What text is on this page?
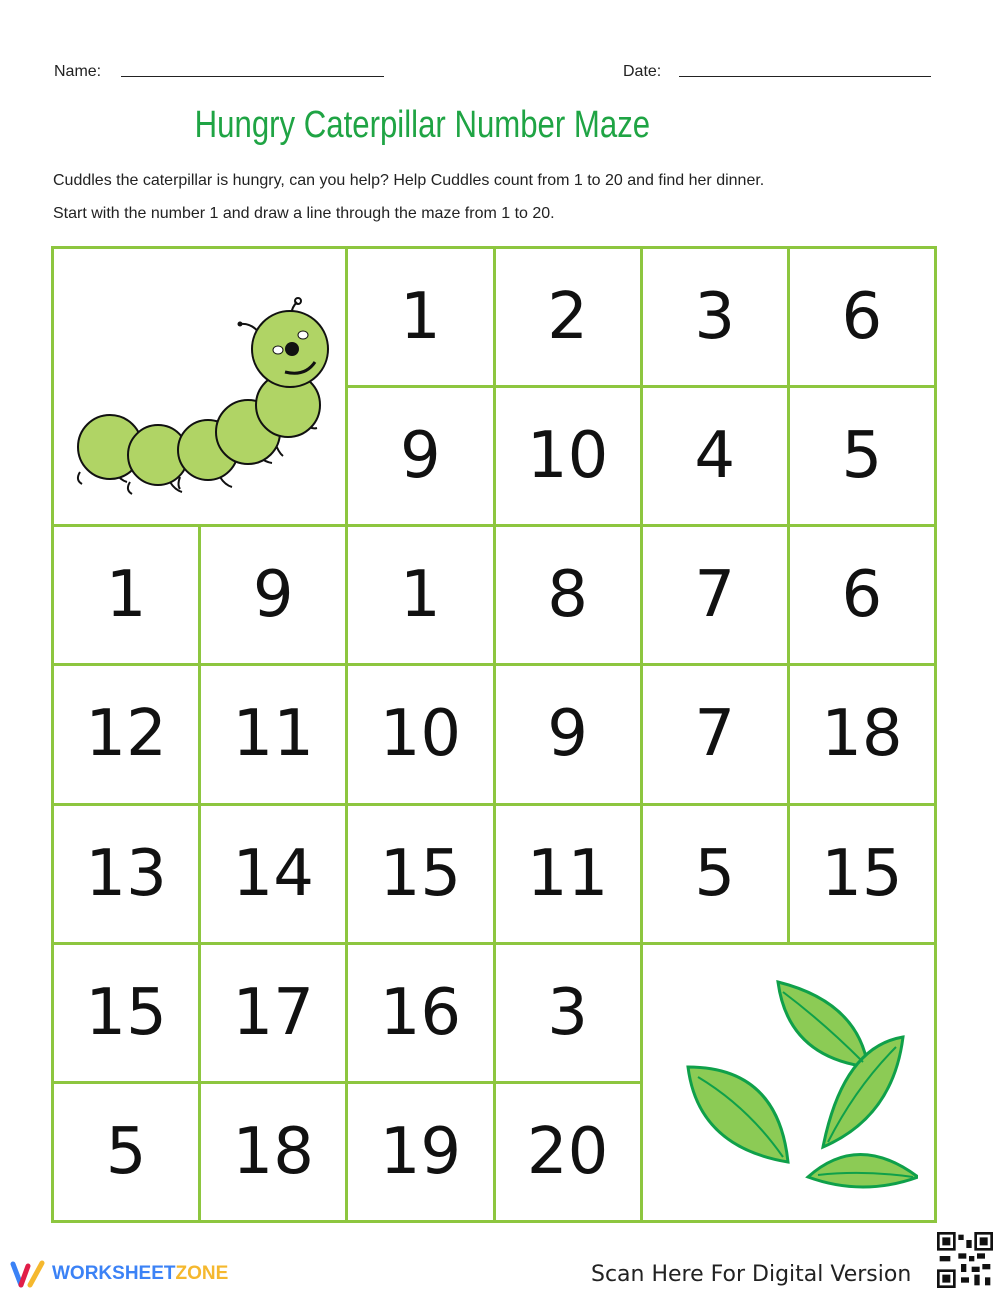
Name:	Date:
Hungry Caterpillar Number Maze
Cuddles the caterpillar is hungry, can you help? Help Cuddles count from 1 to 20 and find her dinner.
Start with the number 1 and draw a line through the maze from 1 to 20.
1	2	3	6
9	10	4	5
1	9	1	8	7	6
12	11	10	9	7	18
13	14	15	11	5	15
15	17	16	3
5	18	19	20
WORKSHEET ZONE	Scan Here For Digital Version
